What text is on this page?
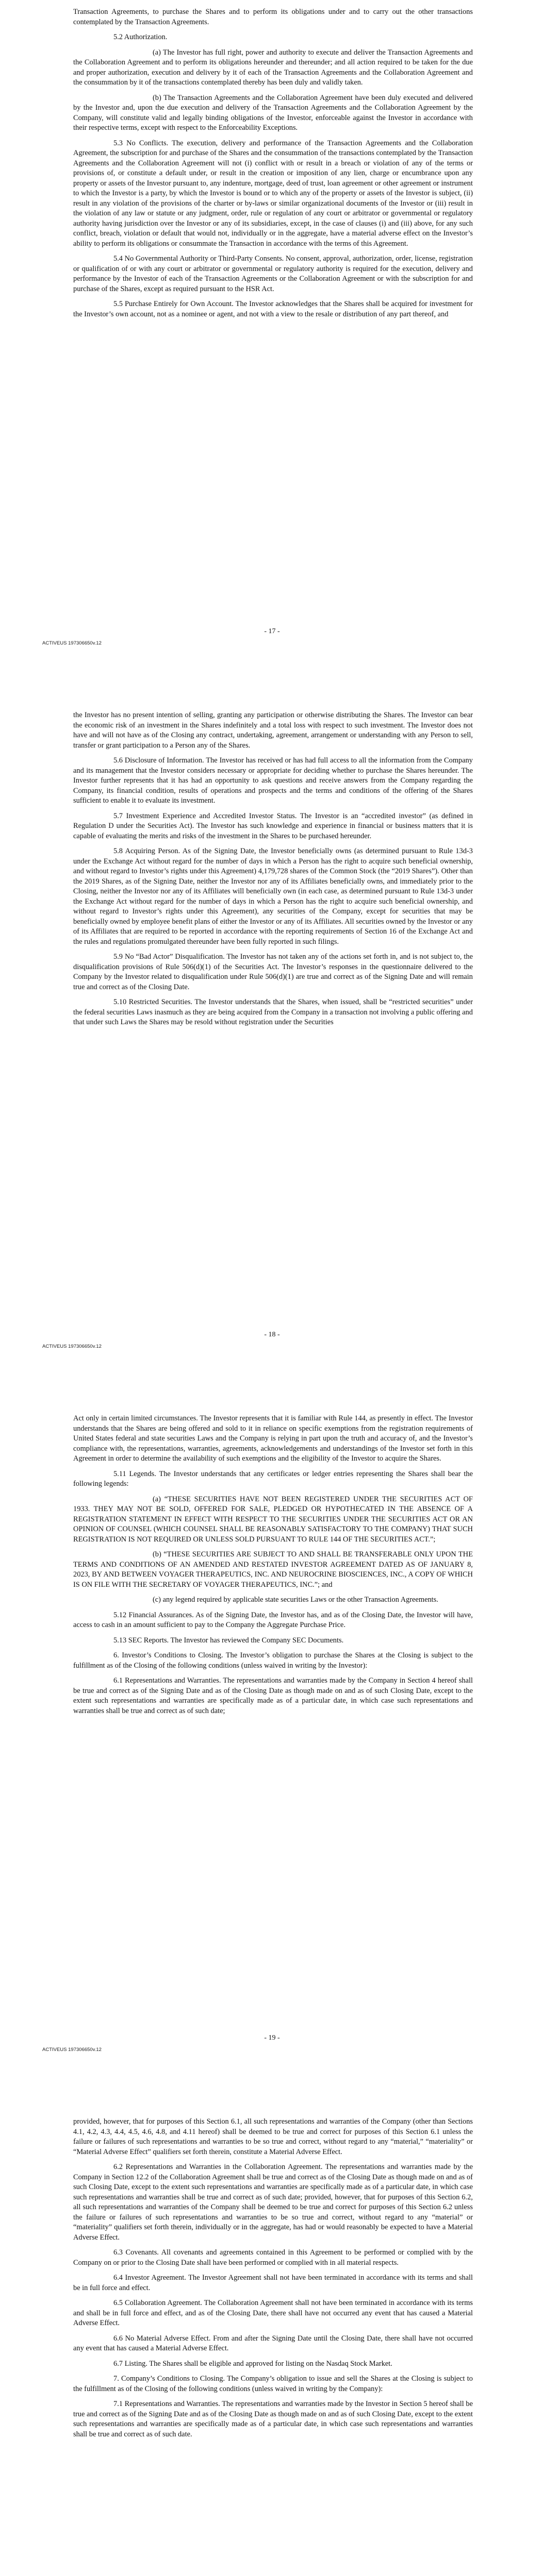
Transaction Agreements, to purchase the Shares and to perform its obligations under and to carry out the other transactions contemplated by the Transaction Agreements.

5.2 Authorization.

(a) The Investor has full right, power and authority to execute and deliver the Transaction Agreements and the Collaboration Agreement and to perform its obligations hereunder and thereunder; and all action required to be taken for the due and proper authorization, execution and delivery by it of each of the Transaction Agreements and the Collaboration Agreement and the consummation by it of the transactions contemplated thereby has been duly and validly taken.

(b) The Transaction Agreements and the Collaboration Agreement have been duly executed and delivered by the Investor and, upon the due execution and delivery of the Transaction Agreements and the Collaboration Agreement by the Company, will constitute valid and legally binding obligations of the Investor, enforceable against the Investor in accordance with their respective terms, except with respect to the Enforceability Exceptions.

5.3 No Conflicts. The execution, delivery and performance of the Transaction Agreements and the Collaboration Agreement, the subscription for and purchase of the Shares and the consummation of the transactions contemplated by the Transaction Agreements and the Collaboration Agreement will not (i) conflict with or result in a breach or violation of any of the terms or provisions of, or constitute a default under, or result in the creation or imposition of any lien, charge or encumbrance upon any property or assets of the Investor pursuant to, any indenture, mortgage, deed of trust, loan agreement or other agreement or instrument to which the Investor is a party, by which the Investor is bound or to which any of the property or assets of the Investor is subject, (ii) result in any violation of the provisions of the charter or by-laws or similar organizational documents of the Investor or (iii) result in the violation of any law or statute or any judgment, order, rule or regulation of any court or arbitrator or governmental or regulatory authority having jurisdiction over the Investor or any of its subsidiaries, except, in the case of clauses (i) and (iii) above, for any such conflict, breach, violation or default that would not, individually or in the aggregate, have a material adverse effect on the Investor’s ability to perform its obligations or consummate the Transaction in accordance with the terms of this Agreement.

5.4 No Governmental Authority or Third-Party Consents. No consent, approval, authorization, order, license, registration or qualification of or with any court or arbitrator or governmental or regulatory authority is required for the execution, delivery and performance by the Investor of each of the Transaction Agreements or the Collaboration Agreement or with the subscription for and purchase of the Shares, except as required pursuant to the HSR Act.

5.5 Purchase Entirely for Own Account. The Investor acknowledges that the Shares shall be acquired for investment for the Investor’s own account, not as a nominee or agent, and not with a view to the resale or distribution of any part thereof, and

- 17 -
ACTIVEUS 197306650v.12

the Investor has no present intention of selling, granting any participation or otherwise distributing the Shares. The Investor can bear the economic risk of an investment in the Shares indefinitely and a total loss with respect to such investment. The Investor does not have and will not have as of the Closing any contract, undertaking, agreement, arrangement or understanding with any Person to sell, transfer or grant participation to a Person any of the Shares.

5.6 Disclosure of Information. The Investor has received or has had full access to all the information from the Company and its management that the Investor considers necessary or appropriate for deciding whether to purchase the Shares hereunder. The Investor further represents that it has had an opportunity to ask questions and receive answers from the Company regarding the Company, its financial condition, results of operations and prospects and the terms and conditions of the offering of the Shares sufficient to enable it to evaluate its investment.

5.7 Investment Experience and Accredited Investor Status. The Investor is an “accredited investor” (as defined in Regulation D under the Securities Act). The Investor has such knowledge and experience in financial or business matters that it is capable of evaluating the merits and risks of the investment in the Shares to be purchased hereunder.

5.8 Acquiring Person. As of the Signing Date, the Investor beneficially owns (as determined pursuant to Rule 13d-3 under the Exchange Act without regard for the number of days in which a Person has the right to acquire such beneficial ownership, and without regard to Investor’s rights under this Agreement) 4,179,728 shares of the Common Stock (the “2019 Shares”). Other than the 2019 Shares, as of the Signing Date, neither the Investor nor any of its Affiliates beneficially owns, and immediately prior to the Closing, neither the Investor nor any of its Affiliates will beneficially own (in each case, as determined pursuant to Rule 13d-3 under the Exchange Act without regard for the number of days in which a Person has the right to acquire such beneficial ownership, and without regard to Investor’s rights under this Agreement), any securities of the Company, except for securities that may be beneficially owned by employee benefit plans of either the Investor or any of its Affiliates. All securities owned by the Investor or any of its Affiliates that are required to be reported in accordance with the reporting requirements of Section 16 of the Exchange Act and the rules and regulations promulgated thereunder have been fully reported in such filings.

5.9 No “Bad Actor” Disqualification. The Investor has not taken any of the actions set forth in, and is not subject to, the disqualification provisions of Rule 506(d)(1) of the Securities Act. The Investor’s responses in the questionnaire delivered to the Company by the Investor related to disqualification under Rule 506(d)(1) are true and correct as of the Signing Date and will remain true and correct as of the Closing Date.

5.10 Restricted Securities. The Investor understands that the Shares, when issued, shall be “restricted securities” under the federal securities Laws inasmuch as they are being acquired from the Company in a transaction not involving a public offering and that under such Laws the Shares may be resold without registration under the Securities

- 18 -
ACTIVEUS 197306650v.12

Act only in certain limited circumstances. The Investor represents that it is familiar with Rule 144, as presently in effect. The Investor understands that the Shares are being offered and sold to it in reliance on specific exemptions from the registration requirements of United States federal and state securities Laws and the Company is relying in part upon the truth and accuracy of, and the Investor’s compliance with, the representations, warranties, agreements, acknowledgements and understandings of the Investor set forth in this Agreement in order to determine the availability of such exemptions and the eligibility of the Investor to acquire the Shares.

5.11 Legends. The Investor understands that any certificates or ledger entries representing the Shares shall bear the following legends:

(a) “THESE SECURITIES HAVE NOT BEEN REGISTERED UNDER THE SECURITIES ACT OF 1933. THEY MAY NOT BE SOLD, OFFERED FOR SALE, PLEDGED OR HYPOTHECATED IN THE ABSENCE OF A REGISTRATION STATEMENT IN EFFECT WITH RESPECT TO THE SECURITIES UNDER THE SECURITIES ACT OR AN OPINION OF COUNSEL (WHICH COUNSEL SHALL BE REASONABLY SATISFACTORY TO THE COMPANY) THAT SUCH REGISTRATION IS NOT REQUIRED OR UNLESS SOLD PURSUANT TO RULE 144 OF THE SECURITIES ACT.”;

(b) “THESE SECURITIES ARE SUBJECT TO AND SHALL BE TRANSFERABLE ONLY UPON THE TERMS AND CONDITIONS OF AN AMENDED AND RESTATED INVESTOR AGREEMENT DATED AS OF JANUARY 8, 2023, BY AND BETWEEN VOYAGER THERAPEUTICS, INC. AND NEUROCRINE BIOSCIENCES, INC., A COPY OF WHICH IS ON FILE WITH THE SECRETARY OF VOYAGER THERAPEUTICS, INC.”; and

(c) any legend required by applicable state securities Laws or the other Transaction Agreements.

5.12 Financial Assurances. As of the Signing Date, the Investor has, and as of the Closing Date, the Investor will have, access to cash in an amount sufficient to pay to the Company the Aggregate Purchase Price.

5.13 SEC Reports. The Investor has reviewed the Company SEC Documents.

6. Investor’s Conditions to Closing. The Investor’s obligation to purchase the Shares at the Closing is subject to the fulfillment as of the Closing of the following conditions (unless waived in writing by the Investor):

6.1 Representations and Warranties. The representations and warranties made by the Company in Section 4 hereof shall be true and correct as of the Signing Date and as of the Closing Date as though made on and as of such Closing Date, except to the extent such representations and warranties are specifically made as of a particular date, in which case such representations and warranties shall be true and correct as of such date;

- 19 -
ACTIVEUS 197306650v.12

provided, however, that for purposes of this Section 6.1, all such representations and warranties of the Company (other than Sections 4.1, 4.2, 4.3, 4.4, 4.5, 4.6, 4.8, and 4.11 hereof) shall be deemed to be true and correct for purposes of this Section 6.1 unless the failure or failures of such representations and warranties to be so true and correct, without regard to any “material,” “materiality” or “Material Adverse Effect” qualifiers set forth therein, constitute a Material Adverse Effect.

6.2 Representations and Warranties in the Collaboration Agreement. The representations and warranties made by the Company in Section 12.2 of the Collaboration Agreement shall be true and correct as of the Closing Date as though made on and as of such Closing Date, except to the extent such representations and warranties are specifically made as of a particular date, in which case such representations and warranties shall be true and correct as of such date; provided, however, that for purposes of this Section 6.2, all such representations and warranties of the Company shall be deemed to be true and correct for purposes of this Section 6.2 unless the failure or failures of such representations and warranties to be so true and correct, without regard to any “material” or “materiality” qualifiers set forth therein, individually or in the aggregate, has had or would reasonably be expected to have a Material Adverse Effect.

6.3 Covenants. All covenants and agreements contained in this Agreement to be performed or complied with by the Company on or prior to the Closing Date shall have been performed or complied with in all material respects.

6.4 Investor Agreement. The Investor Agreement shall not have been terminated in accordance with its terms and shall be in full force and effect.

6.5 Collaboration Agreement. The Collaboration Agreement shall not have been terminated in accordance with its terms and shall be in full force and effect, and as of the Closing Date, there shall have not occurred any event that has caused a Material Adverse Effect.

6.6 No Material Adverse Effect. From and after the Signing Date until the Closing Date, there shall have not occurred any event that has caused a Material Adverse Effect.

6.7 Listing. The Shares shall be eligible and approved for listing on the Nasdaq Stock Market.

7. Company’s Conditions to Closing. The Company’s obligation to issue and sell the Shares at the Closing is subject to the fulfillment as of the Closing of the following conditions (unless waived in writing by the Company):

7.1 Representations and Warranties. The representations and warranties made by the Investor in Section 5 hereof shall be true and correct as of the Signing Date and as of the Closing Date as though made on and as of such Closing Date, except to the extent such representations and warranties are specifically made as of a particular date, in which case such representations and warranties shall be true and correct as of such date.
